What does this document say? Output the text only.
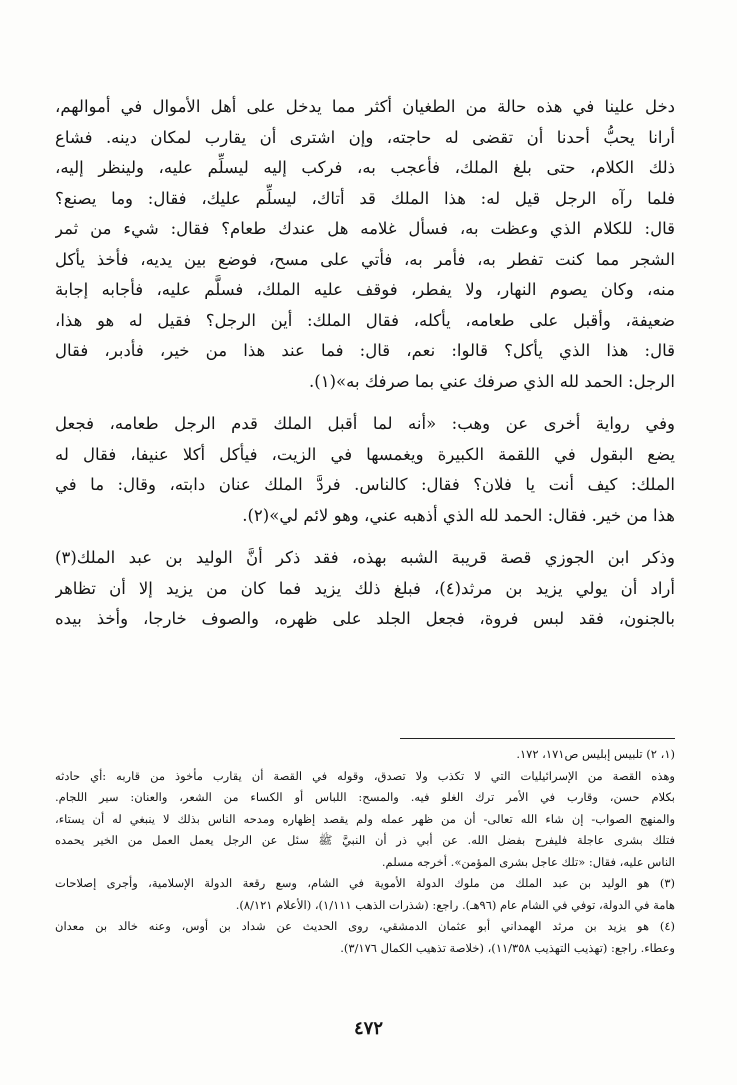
دخل علينا في هذه حالة من الطغيان أكثر مما يدخل على أهل الأموال في أموالهم،
أرانا يحبُّ أحدنا أن تقضى له حاجته، وإن اشترى أن يقارب لمكان دينه. فشاع
ذلك الكلام، حتى بلغ الملك، فأعجب به، فركب إليه ليسلِّم عليه، ولينظر إليه،
فلما رآه الرجل قيل له: هذا الملك قد أتاك، ليسلِّم عليك، فقال: وما يصنع؟
قال: للكلام الذي وعظت به، فسأل غلامه هل عندك طعام؟ فقال: شيء من ثمر
الشجر مما كنت تفطر به، فأمر به، فأتي على مسح، فوضع بين يديه، فأخذ يأكل
منه، وكان يصوم النهار، ولا يفطر، فوقف عليه الملك، فسلَّم عليه، فأجابه إجابة
ضعيفة، وأقبل على طعامه، يأكله، فقال الملك: أين الرجل؟ فقيل له هو هذا،
قال: هذا الذي يأكل؟ قالوا: نعم، قال: فما عند هذا من خير، فأدبر، فقال
الرجل: الحمد لله الذي صرفك عني بما صرفك به»(١).
وفي رواية أخرى عن وهب: «أنه لما أقبل الملك قدم الرجل طعامه، فجعل
يضع البقول في اللقمة الكبيرة ويغمسها في الزيت، فيأكل أكلا عنيفا، فقال له
الملك: كيف أنت يا فلان؟ فقال: كالناس. فردَّ الملك عنان دابته، وقال: ما في
هذا من خير. فقال: الحمد لله الذي أذهبه عني، وهو لائم لي»(٢).
وذكر ابن الجوزي قصة قريبة الشبه بهذه، فقد ذكر أنَّ الوليد بن عبد الملك(٣)
أراد أن يولي يزيد بن مرثد(٤)، فبلغ ذلك يزيد فما كان من يزيد إلا أن تظاهر
بالجنون، فقد لبس فروة، فجعل الجلد على ظهره، والصوف خارجا، وأخذ بيده
(١، ٢) تلبيس إبليس ص١٧١، ١٧٢.
وهذه القصة من الإسرائيليات التي لا تكذب ولا تصدق، وقوله في القصة أن يقارب مأخوذ من قاربه :أي حادثه
بكلام حسن، وقارب في الأمر ترك الغلو فيه. والمسح: اللباس أو الكساء من الشعر، والعنان: سير اللجام.
والمنهج الصواب- إن شاء الله تعالى- أن من ظهر عمله ولم يقصد إظهاره ومدحه الناس بذلك لا ينبغي له أن يستاء،
فتلك بشرى عاجلة فليفرح بفضل الله. عن أبي ذر أن النبيَّ ﷺ سئل عن الرجل يعمل العمل من الخير يحمده
الناس عليه، فقال: «تلك عاجل بشرى المؤمن». أخرجه مسلم.
(٣) هو الوليد بن عبد الملك من ملوك الدولة الأموية في الشام، وسع رقعة الدولة الإسلامية، وأجرى إصلاحات
هامة في الدولة، توفي في الشام عام (٩٦هـ). راجع: (شذرات الذهب ١/١١١)، (الأعلام ٨/١٢١).
(٤) هو يزيد بن مرثد الهمداني أبو عثمان الدمشقي، روى الحديث عن شداد بن أوس، وعنه خالد بن معدان
وعطاء. راجع: (تهذيب التهذيب ١١/٣٥٨)، (خلاصة تذهيب الكمال ٣/١٧٦).
٤٧٢
